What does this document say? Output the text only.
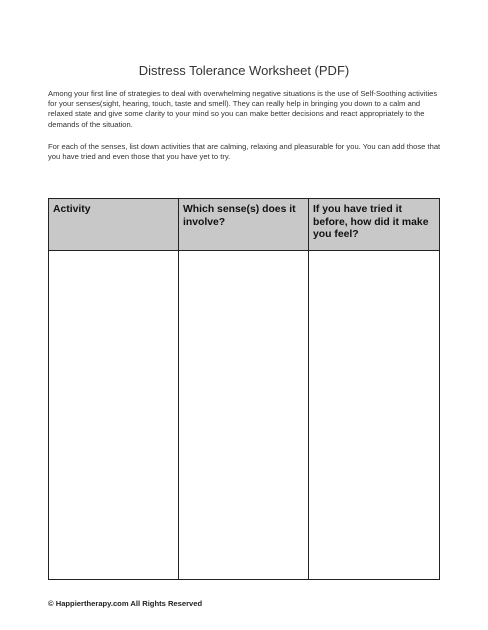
Distress Tolerance Worksheet (PDF)

Among your first line of strategies to deal with overwhelming negative situations is the use of Self-Soothing activities for your senses(sight, hearing, touch, taste and smell). They can really help in bringing you down to a calm and relaxed state and give some clarity to your mind so you can make better decisions and react appropriately to the demands of the situation.

For each of the senses, list down activities that are calming, relaxing and pleasurable for you. You can add those that you have tried and even those that you have yet to try.

Activity	Which sense(s) does it involve?	If you have tried it before, how did it make you feel?

© Happiertherapy.com All Rights Reserved
